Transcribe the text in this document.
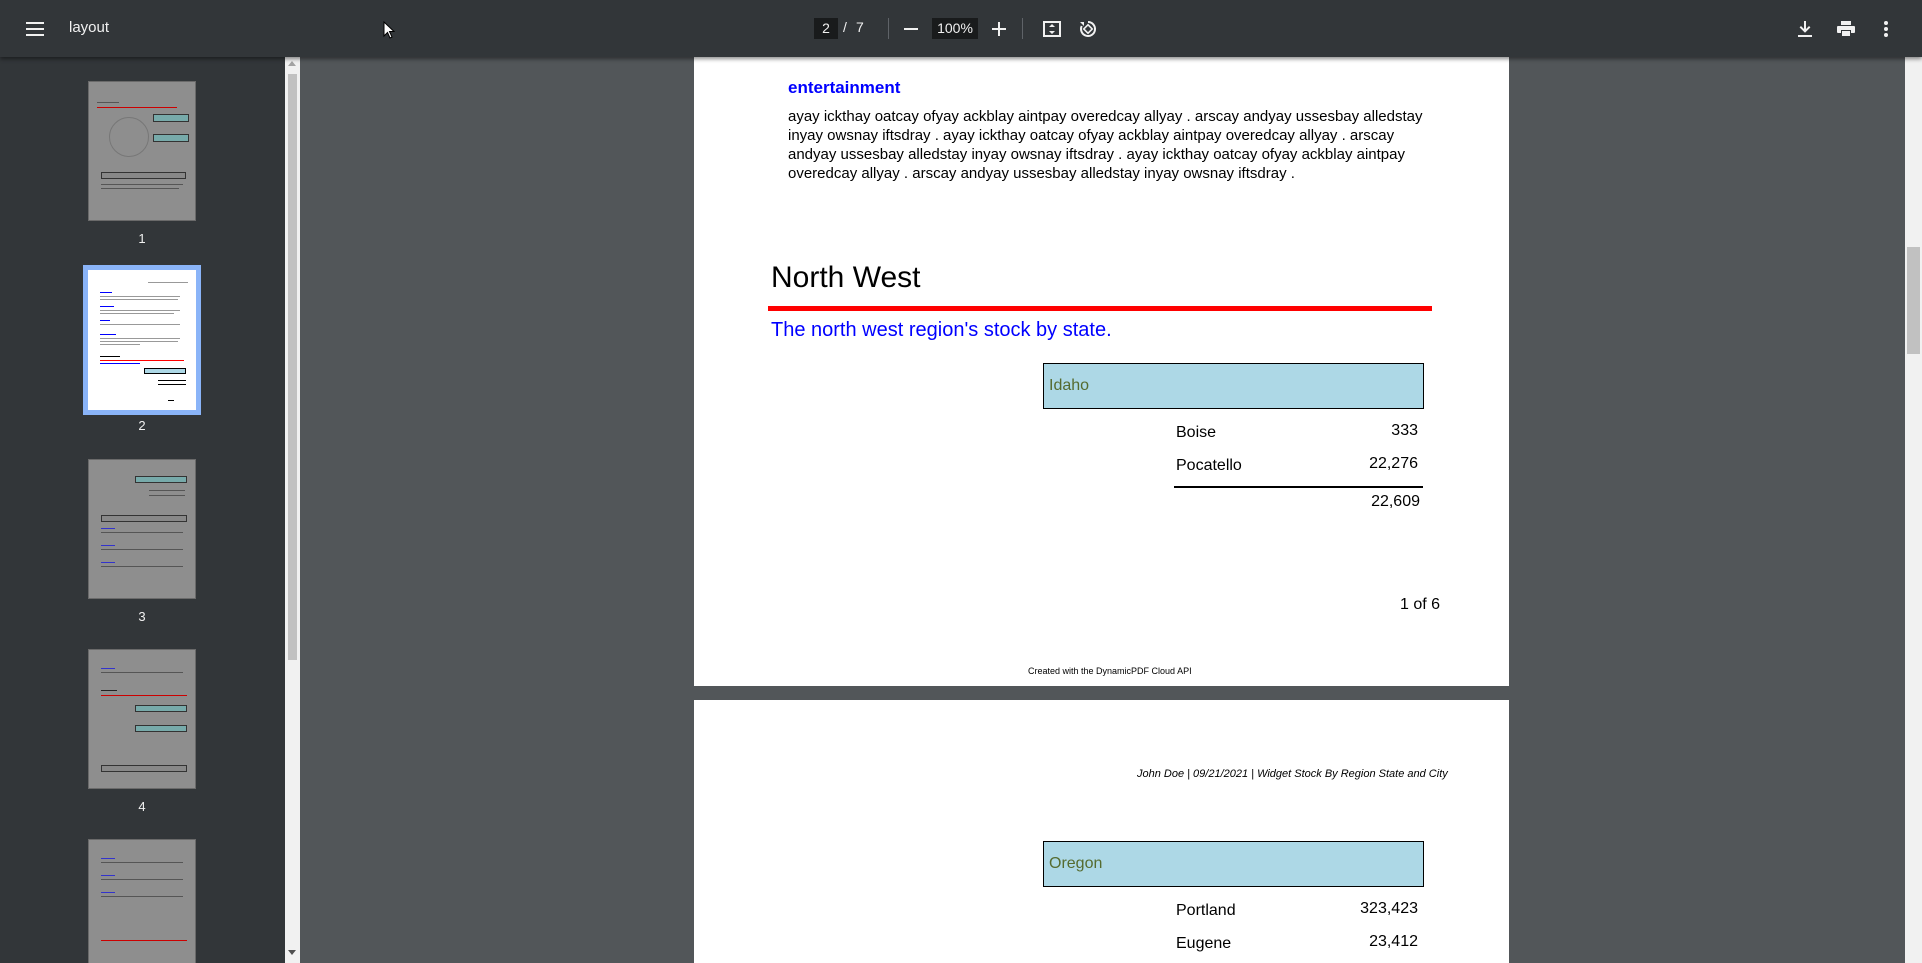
layout	2 / 7	100%
1
2
3
4
entertainment
ayay ickthay oatcay ofyay ackblay aintpay overedcay allyay . arscay andyay ussesbay alledstay inyay owsnay iftsdray . ayay ickthay oatcay ofyay ackblay aintpay overedcay allyay . arscay andyay ussesbay alledstay inyay owsnay iftsdray . ayay ickthay oatcay ofyay ackblay aintpay overedcay allyay . arscay andyay ussesbay alledstay inyay owsnay iftsdray .
North West
The north west region's stock by state.
Idaho
Boise	333
Pocatello	22,276
22,609
1 of 6
Created with the DynamicPDF Cloud API
John Doe | 09/21/2021 | Widget Stock By Region State and City
Oregon
Portland	323,423
Eugene	23,412
